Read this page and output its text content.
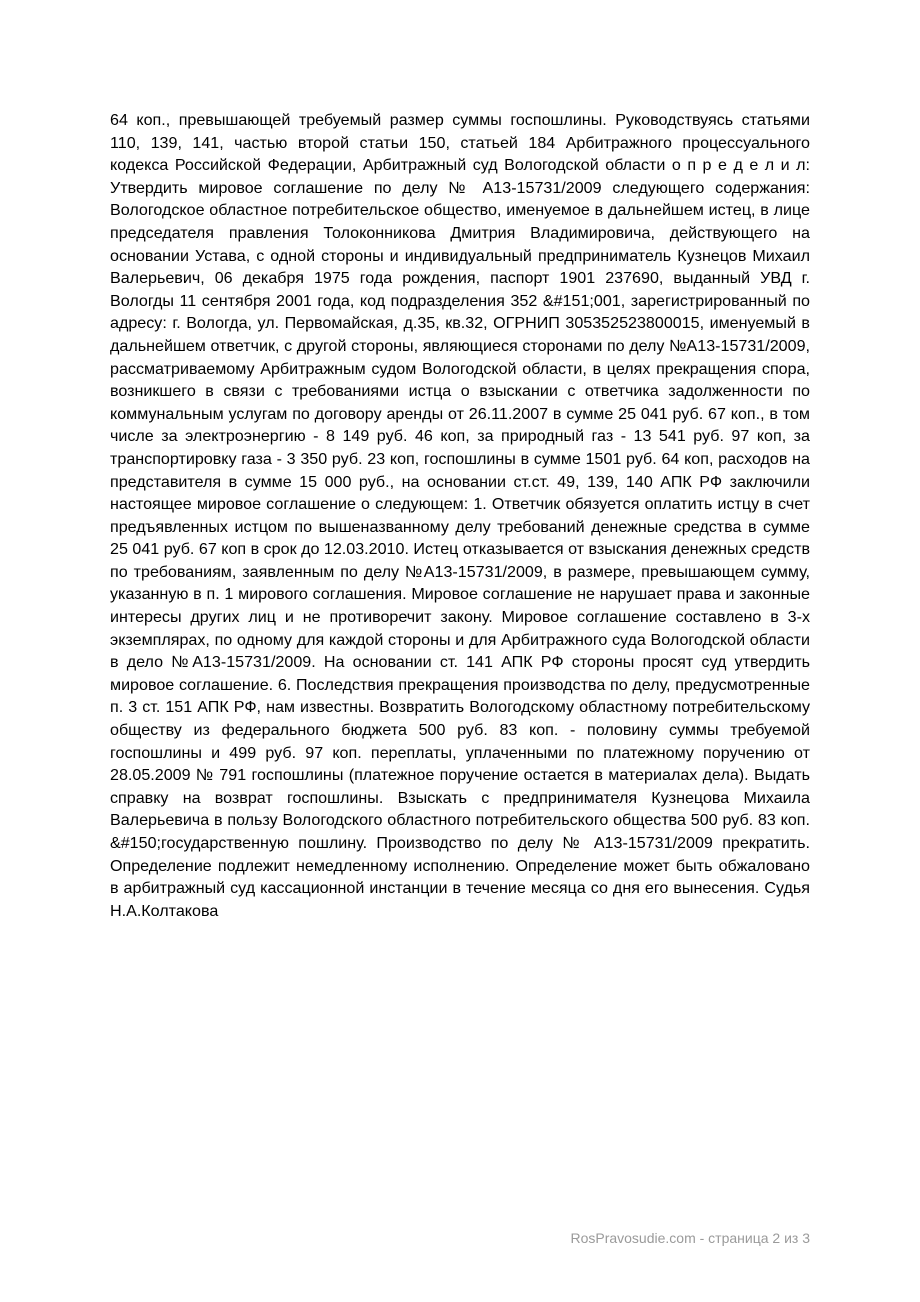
64 коп., превышающей требуемый размер суммы госпошлины. Руководствуясь статьями 110, 139, 141, частью второй статьи 150, статьей 184 Арбитражного процессуального кодекса Российской Федерации, Арбитражный суд Вологодской области о п р е д е л и л: Утвердить мировое соглашение по делу № А13-15731/2009 следующего содержания: Вологодское областное потребительское общество, именуемое в дальнейшем истец, в лице председателя правления Толоконникова Дмитрия Владимировича, действующего на основании Устава, с одной стороны и индивидуальный предприниматель Кузнецов Михаил Валерьевич, 06 декабря 1975 года рождения, паспорт 1901 237690, выданный УВД г. Вологды 11 сентября 2001 года, код подразделения 352 &#151;001, зарегистрированный по адресу: г. Вологда, ул. Первомайская, д.35, кв.32, ОГРНИП 305352523800015, именуемый в дальнейшем ответчик, с другой стороны, являющиеся сторонами по делу №А13-15731/2009, рассматриваемому Арбитражным судом Вологодской области, в целях прекращения спора, возникшего в связи с требованиями истца о взыскании с ответчика задолженности по коммунальным услугам по договору аренды от 26.11.2007 в сумме 25 041 руб. 67 коп., в том числе за электроэнергию - 8 149 руб. 46 коп, за природный газ - 13 541 руб. 97 коп, за транспортировку газа - 3 350 руб. 23 коп, госпошлины в сумме 1501 руб. 64 коп, расходов на представителя в сумме 15 000 руб., на основании ст.ст. 49, 139, 140 АПК РФ заключили настоящее мировое соглашение о следующем: 1. Ответчик обязуется оплатить истцу в счет предъявленных истцом по вышеназванному делу требований денежные средства в сумме 25 041 руб. 67 коп в срок до 12.03.2010. Истец отказывается от взыскания денежных средств по требованиям, заявленным по делу №А13-15731/2009, в размере, превышающем сумму, указанную в п. 1 мирового соглашения. Мировое соглашение не нарушает права и законные интересы других лиц и не противоречит закону. Мировое соглашение составлено в 3-х экземплярах, по одному для каждой стороны и для Арбитражного суда Вологодской области в дело №А13-15731/2009. На основании ст. 141 АПК РФ стороны просят суд утвердить мировое соглашение. 6. Последствия прекращения производства по делу, предусмотренные п. 3 ст. 151 АПК РФ, нам известны. Возвратить Вологодскому областному потребительскому обществу из федерального бюджета 500 руб. 83 коп. - половину суммы требуемой госпошлины и 499 руб. 97 коп. переплаты, уплаченными по платежному поручению от 28.05.2009 № 791 госпошлины (платежное поручение остается в материалах дела). Выдать справку на возврат госпошлины. Взыскать с предпринимателя Кузнецова Михаила Валерьевича в пользу Вологодского областного потребительского общества 500 руб. 83 коп. &#150;государственную пошлину. Производство по делу № А13-15731/2009 прекратить. Определение подлежит немедленному исполнению. Определение может быть обжаловано в арбитражный суд кассационной инстанции в течение месяца со дня его вынесения. Судья Н.А.Колтакова

RosPravosudie.com - страница 2 из 3
